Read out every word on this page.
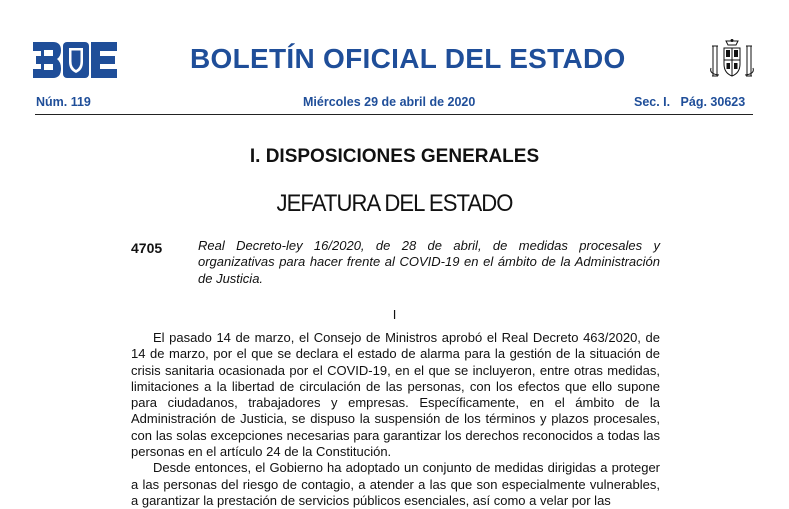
BOLETÍN OFICIAL DEL ESTADO
Núm. 119	Miércoles 29 de abril de 2020	Sec. I.   Pág. 30623
I. DISPOSICIONES GENERALES
JEFATURA DEL ESTADO
4705	Real Decreto-ley 16/2020, de 28 de abril, de medidas procesales y organizativas para hacer frente al COVID-19 en el ámbito de la Administración de Justicia.
I

El pasado 14 de marzo, el Consejo de Ministros aprobó el Real Decreto 463/2020, de 14 de marzo, por el que se declara el estado de alarma para la gestión de la situación de crisis sanitaria ocasionada por el COVID-19, en el que se incluyeron, entre otras medidas, limitaciones a la libertad de circulación de las personas, con los efectos que ello supone para ciudadanos, trabajadores y empresas. Específicamente, en el ámbito de la Administración de Justicia, se dispuso la suspensión de los términos y plazos procesales, con las solas excepciones necesarias para garantizar los derechos reconocidos a todas las personas en el artículo 24 de la Constitución.

Desde entonces, el Gobierno ha adoptado un conjunto de medidas dirigidas a proteger a las personas del riesgo de contagio, a atender a las que son especialmente vulnerables, a garantizar la prestación de servicios públicos esenciales, así como a velar por las
